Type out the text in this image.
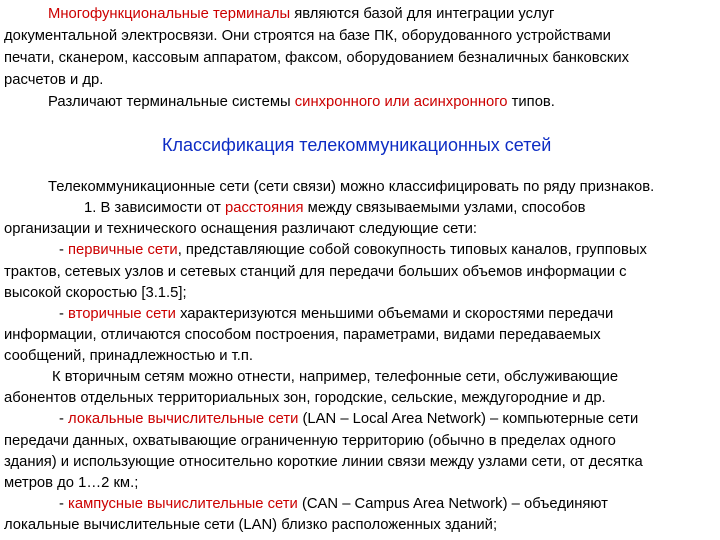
Классификация телекоммуникационных сетей
Многофункциональные терминалы являются базой для интеграции услуг
документальной электросвязи. Они строятся на базе ПК, оборудованного устройствами
печати, сканером, кассовым аппаратом, факсом, оборудованием безналичных банковских
расчетов и др.
Различают терминальные системы синхронного или асинхронного типов.
Телекоммуникационные сети (сети связи) можно классифицировать по ряду признаков.
1. В зависимости от расстояния между связываемыми узлами, способов
организации и технического оснащения различают следующие сети:
- первичные сети, представляющие собой совокупность типовых каналов, групповых
трактов, сетевых узлов и сетевых станций для передачи больших объемов информации с
высокой скоростью [3.1.5];
- вторичные сети характеризуются меньшими объемами и скоростями передачи
информации, отличаются способом построения, параметрами, видами передаваемых
сообщений, принадлежностью и т.п.
К вторичным сетям можно отнести, например, телефонные сети, обслуживающие
абонентов отдельных территориальных зон, городские, сельские, междугородние и др.
- локальные вычислительные сети (LAN – Local Area Network) – компьютерные сети
передачи данных, охватывающие ограниченную территорию (обычно в пределах одного
здания) и использующие относительно короткие линии связи между узлами сети, от десятка
метров до 1…2 км.;
- кампусные вычислительные сети (CAN – Campus Area Network) – объединяют
локальные вычислительные сети (LAN) близко расположенных зданий;
